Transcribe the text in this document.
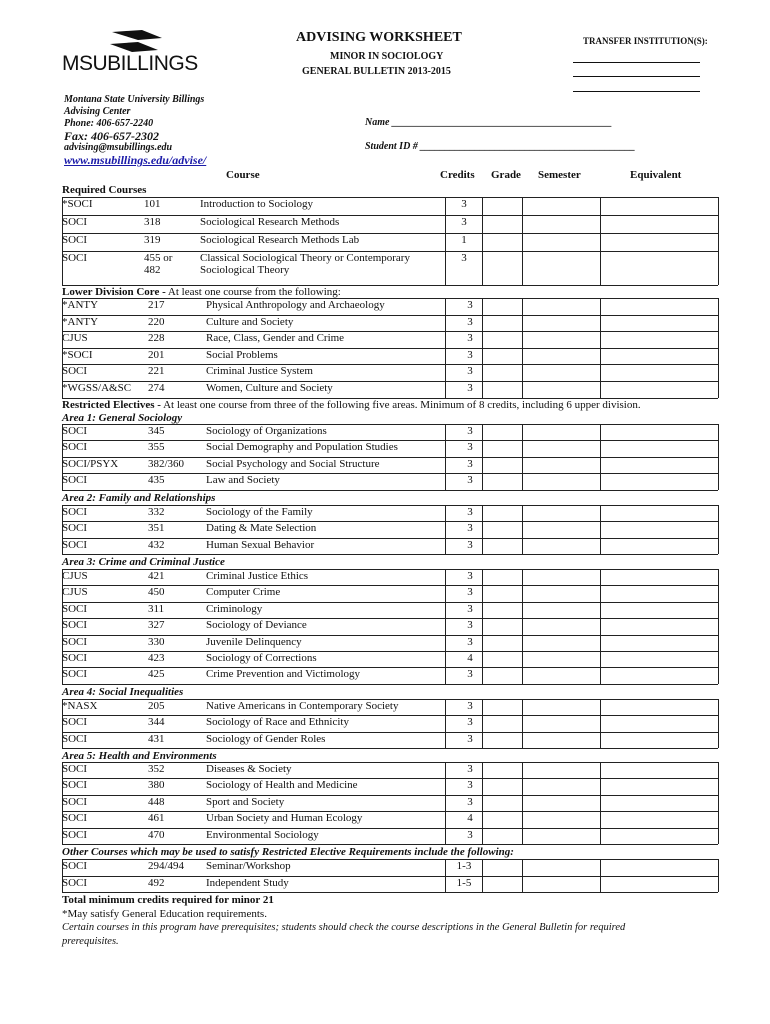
MSUBILLINGS
ADVISING WORKSHEET
MINOR IN SOCIOLOGY
GENERAL BULLETIN 2013-2015
TRANSFER INSTITUTION(S):
Montana State University Billings
Advising Center
Phone: 406-657-2240
Fax: 406-657-2302
advising@msubillings.edu
www.msubillings.edu/advise/
Name ____________________________________________
Student ID # ___________________________________________
Course	Credits Grade Semester	Equivalent
Required Courses
*SOCI	101	Introduction to Sociology	3
SOCI	318	Sociological Research Methods	3
SOCI	319	Sociological Research Methods Lab	1
SOCI	455 or	Classical Sociological Theory or Contemporary	3
482	Sociological Theory
Lower Division Core - At least one course from the following:
*ANTY	217	Physical Anthropology and Archaeology	3
*ANTY	220	Culture and Society	3
CJUS	228	Race, Class, Gender and Crime	3
*SOCI	201	Social Problems	3
SOCI	221	Criminal Justice System	3
*WGSS/A&SC 274	Women, Culture and Society	3
Restricted Electives - At least one course from three of the following five areas. Minimum of 8 credits, including 6 upper division.
Area 1: General Sociology
SOCI	345	Sociology of Organizations	3
SOCI	355	Social Demography and Population Studies	3
SOCI/PSYX	382/360 Social Psychology and Social Structure	3
SOCI	435	Law and Society	3
Area 2: Family and Relationships
SOCI	332	Sociology of the Family	3
SOCI	351	Dating & Mate Selection	3
SOCI	432	Human Sexual Behavior	3
Area 3: Crime and Criminal Justice
CJUS	421	Criminal Justice Ethics	3
CJUS	450	Computer Crime	3
SOCI	311	Criminology	3
SOCI	327	Sociology of Deviance	3
SOCI	330	Juvenile Delinquency	3
SOCI	423	Sociology of Corrections	4
SOCI	425	Crime Prevention and Victimology	3
Area 4: Social Inequalities
*NASX	205	Native Americans in Contemporary Society	3
SOCI	344	Sociology of Race and Ethnicity	3
SOCI	431	Sociology of Gender Roles	3
Area 5: Health and Environments
SOCI	352	Diseases & Society	3
SOCI	380	Sociology of Health and Medicine	3
SOCI	448	Sport and Society	3
SOCI	461	Urban Society and Human Ecology	4
SOCI	470	Environmental Sociology	3
Other Courses which may be used to satisfy Restricted Elective Requirements include the following:
SOCI	294/494 Seminar/Workshop	1-3
SOCI	492	Independent Study	1-5
Total minimum credits required for minor 21
*May satisfy General Education requirements.
Certain courses in this program have prerequisites; students should check the course descriptions in the General Bulletin for required
prerequisites.
